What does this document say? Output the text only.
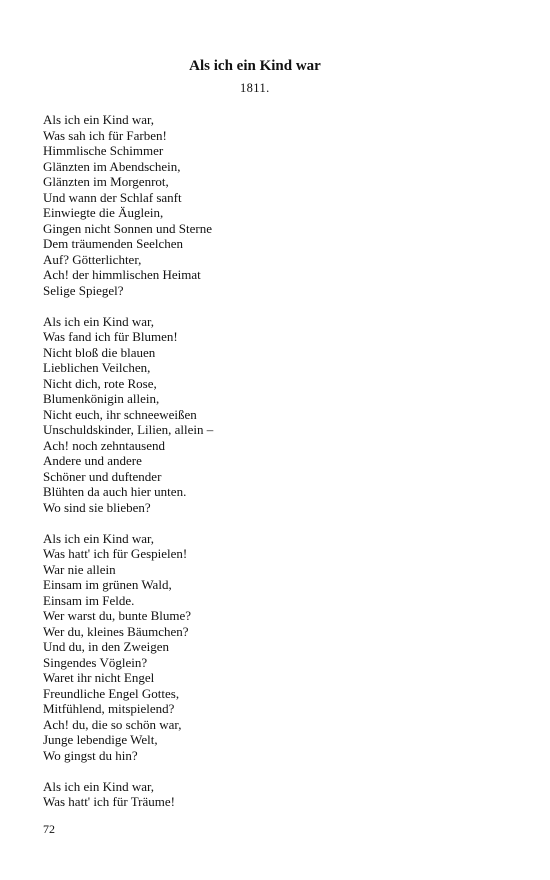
Als ich ein Kind war
1811.
Als ich ein Kind war,
Was sah ich für Farben!
Himmlische Schimmer
Glänzten im Abendschein,
Glänzten im Morgenrot,
Und wann der Schlaf sanft
Einwiegte die Äuglein,
Gingen nicht Sonnen und Sterne
Dem träumenden Seelchen
Auf? Götterlichter,
Ach! der himmlischen Heimat
Selige Spiegel?
Als ich ein Kind war,
Was fand ich für Blumen!
Nicht bloß die blauen
Lieblichen Veilchen,
Nicht dich, rote Rose,
Blumenkönigin allein,
Nicht euch, ihr schneeweißen
Unschuldskinder, Lilien, allein –
Ach! noch zehntausend
Andere und andere
Schöner und duftender
Blühten da auch hier unten.
Wo sind sie blieben?
Als ich ein Kind war,
Was hatt' ich für Gespielen!
War nie allein
Einsam im grünen Wald,
Einsam im Felde.
Wer warst du, bunte Blume?
Wer du, kleines Bäumchen?
Und du, in den Zweigen
Singendes Vöglein?
Waret ihr nicht Engel
Freundliche Engel Gottes,
Mitfühlend, mitspielend?
Ach! du, die so schön war,
Junge lebendige Welt,
Wo gingst du hin?
Als ich ein Kind war,
Was hatt' ich für Träume!
72
